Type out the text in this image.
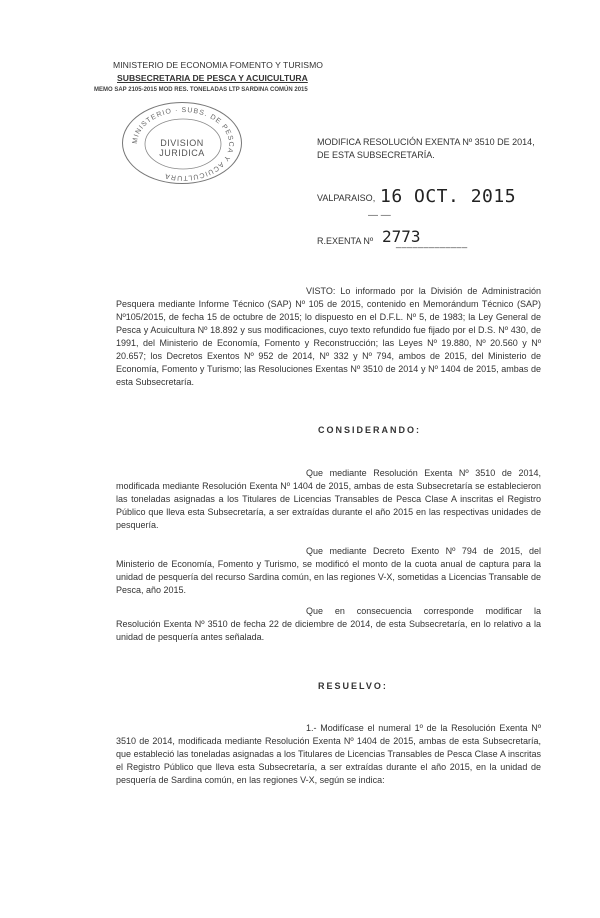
MINISTERIO DE ECONOMIA FOMENTO Y TURISMO
SUBSECRETARIA DE PESCA Y ACUICULTURA
MEMO SAP 2105-2015 MOD RES. TONELADAS LTP SARDINA COMÚN 2015
MINISTERIO · SUBS. DE PESCA Y ACUICULTURA
DIVISION
JURIDICA
MODIFICA RESOLUCIÓN EXENTA Nº 3510 DE 2014,
DE ESTA SUBSECRETARÍA.
VALPARAISO, 16 OCT. 2015
— —
R.EXENTA Nº 2773
_____________
VISTO: Lo informado por la División de Administración Pesquera mediante Informe Técnico (SAP) Nº 105 de 2015, contenido en Memorándum Técnico (SAP) Nº105/2015, de fecha 15 de octubre de 2015; lo dispuesto en el D.F.L. Nº 5, de 1983; la Ley General de Pesca y Acuicultura Nº 18.892 y sus modificaciones, cuyo texto refundido fue fijado por el D.S. Nº 430, de 1991, del Ministerio de Economía, Fomento y Reconstrucción; las Leyes Nº 19.880, Nº 20.560 y Nº 20.657; los Decretos Exentos Nº 952 de 2014, Nº 332 y Nº 794, ambos de 2015, del Ministerio de Economía, Fomento y Turismo; las Resoluciones Exentas Nº 3510 de 2014 y Nº 1404 de 2015, ambas de esta Subsecretaría.
CONSIDERANDO:
Que mediante Resolución Exenta Nº 3510 de 2014, modificada mediante Resolución Exenta Nº 1404 de 2015, ambas de esta Subsecretaría se establecieron las toneladas asignadas a los Titulares de Licencias Transables de Pesca Clase A inscritas el Registro Público que lleva esta Subsecretaría, a ser extraídas durante el año 2015 en las respectivas unidades de pesquería.
Que mediante Decreto Exento Nº 794 de 2015, del Ministerio de Economía, Fomento y Turismo, se modificó el monto de la cuota anual de captura para la unidad de pesquería del recurso Sardina común, en las regiones V-X, sometidas a Licencias Transable de Pesca, año 2015.
Que en consecuencia corresponde modificar la Resolución Exenta Nº 3510 de fecha 22 de diciembre de 2014, de esta Subsecretaría, en lo relativo a la unidad de pesquería antes señalada.
RESUELVO:
1.- Modifícase el numeral 1º de la Resolución Exenta Nº 3510 de 2014, modificada mediante Resolución Exenta Nº 1404 de 2015, ambas de esta Subsecretaría, que estableció las toneladas asignadas a los Titulares de Licencias Transables de Pesca Clase A inscritas el Registro Público que lleva esta Subsecretaría, a ser extraídas durante el año 2015, en la unidad de pesquería de Sardina común, en las regiones V-X, según se indica:
